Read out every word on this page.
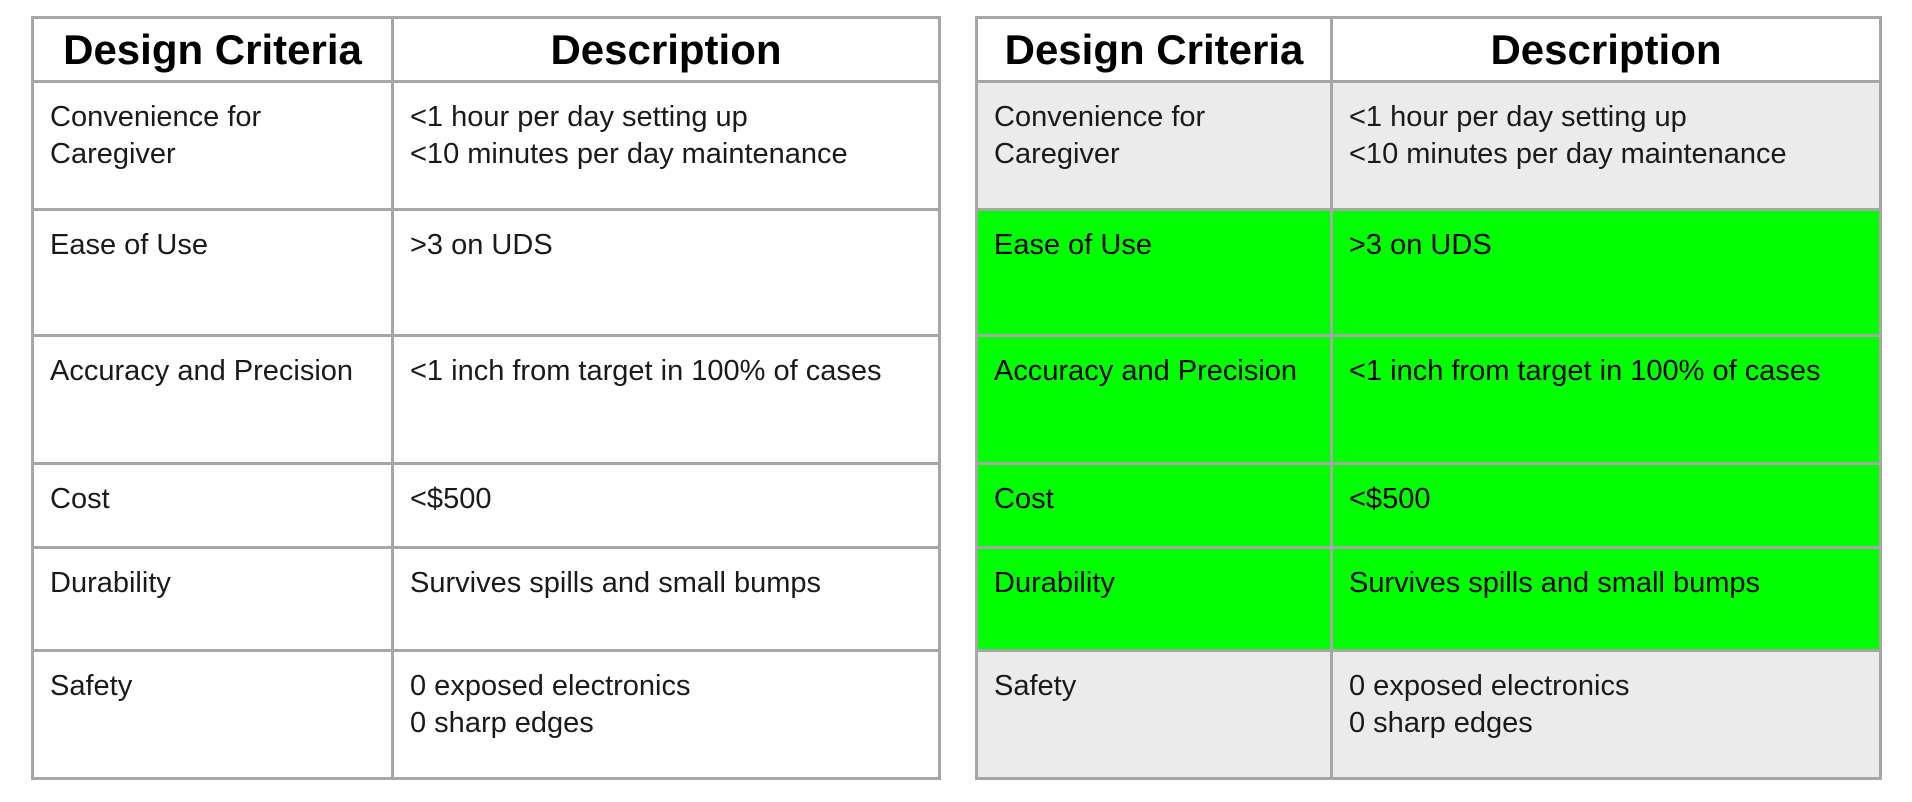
Design Criteria	Description

Convenience for
Caregiver	<1 hour per day setting up
<10 minutes per day maintenance

Ease of Use	>3 on UDS

Accuracy and Precision	<1 inch from target in 100% of cases

Cost	<$500

Durability	Survives spills and small bumps

Safety	0 exposed electronics
0 sharp edges
Design Criteria	Description

Convenience for
Caregiver	<1 hour per day setting up
<10 minutes per day maintenance

Ease of Use	>3 on UDS

Accuracy and Precision	<1 inch from target in 100% of cases

Cost	<$500

Durability	Survives spills and small bumps

Safety	0 exposed electronics
0 sharp edges
